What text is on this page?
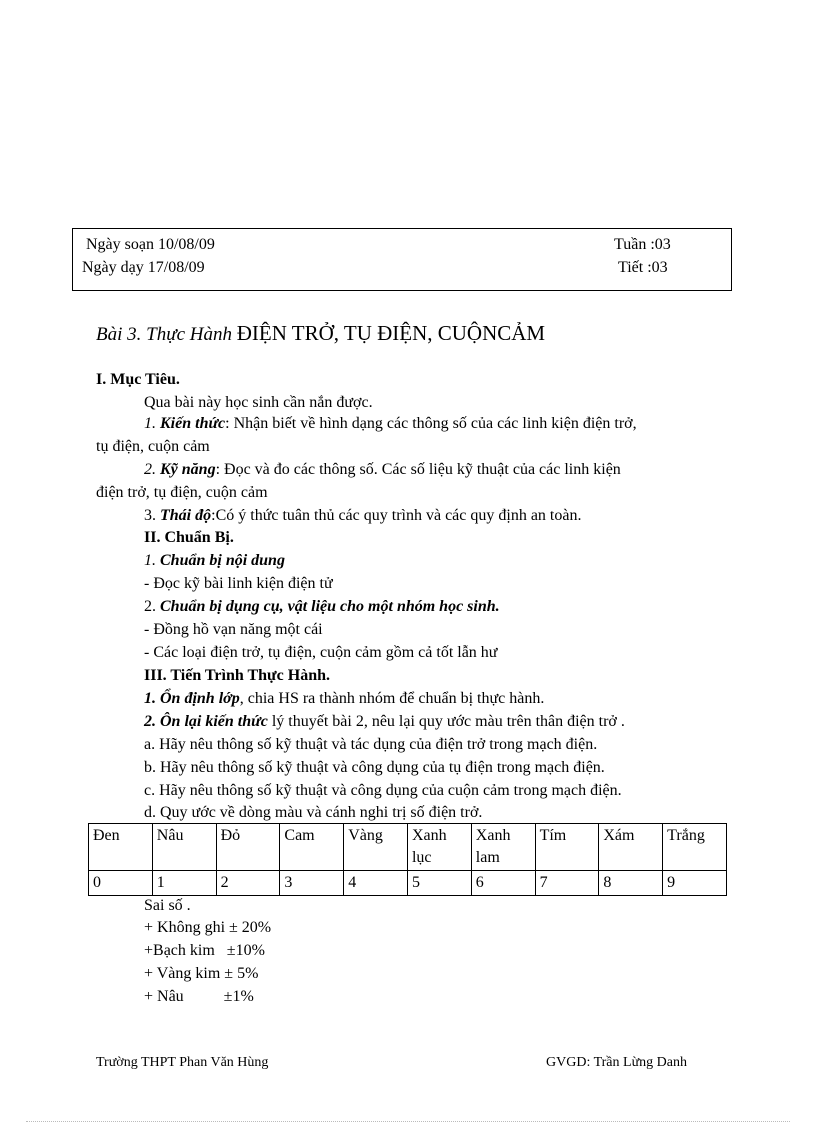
Ngày soạn 10/08/09
Ngày dạy 17/08/09
Tuần :03
Tiết :03
Bài 3. Thực Hành ĐIỆN TRỞ, TỤ ĐIỆN, CUỘNCẢM
I. Mục Tiêu.
Qua bài này học sinh cần nắn được.
1. Kiến thức: Nhận biết về hình dạng các thông số của các linh kiện điện trở,
tụ điện, cuộn cảm
2. Kỹ năng: Đọc và đo các thông số. Các số liệu kỹ thuật của các linh kiện
điện trở, tụ điện, cuộn cảm
3. Thái độ:Có ý thức tuân thủ các quy trình và các quy định an toàn.
II. Chuẩn Bị.
1. Chuẩn bị nội dung
- Đọc kỹ bài linh kiện điện tử
2. Chuẩn bị dụng cụ, vật liệu cho một nhóm học sinh.
- Đồng hồ vạn năng một cái
- Các loại điện trở, tụ điện, cuộn cảm gồm cả tốt lẫn hư
III. Tiến Trình Thực Hành.
1. Ổn định lớp, chia HS ra thành nhóm để chuẩn bị thực hành.
2. Ôn lại kiến thức lý thuyết bài 2, nêu lại quy ước màu trên thân điện trở .
a. Hãy nêu thông số kỹ thuật và tác dụng của điện trở trong mạch điện.
b. Hãy nêu thông số kỹ thuật và công dụng của tụ điện trong mạch điện.
c. Hãy nêu thông số kỹ thuật và công dụng của cuộn cảm trong mạch điện.
d. Quy ước về dòng màu và cánh nghi trị số điện trở.
Đen	Nâu	Đỏ	Cam	Vàng	Xanh lục	Xanh lam	Tím	Xám	Trắng
0	1	2	3	4	5	6	7	8	9
Sai số .
+ Không ghi ± 20%
+Bạch kim   ±10%
+ Vàng kim ± 5%
+ Nâu          ±1%
Trường THPT Phan Văn Hùng	GVGD: Trần Lừng Danh
